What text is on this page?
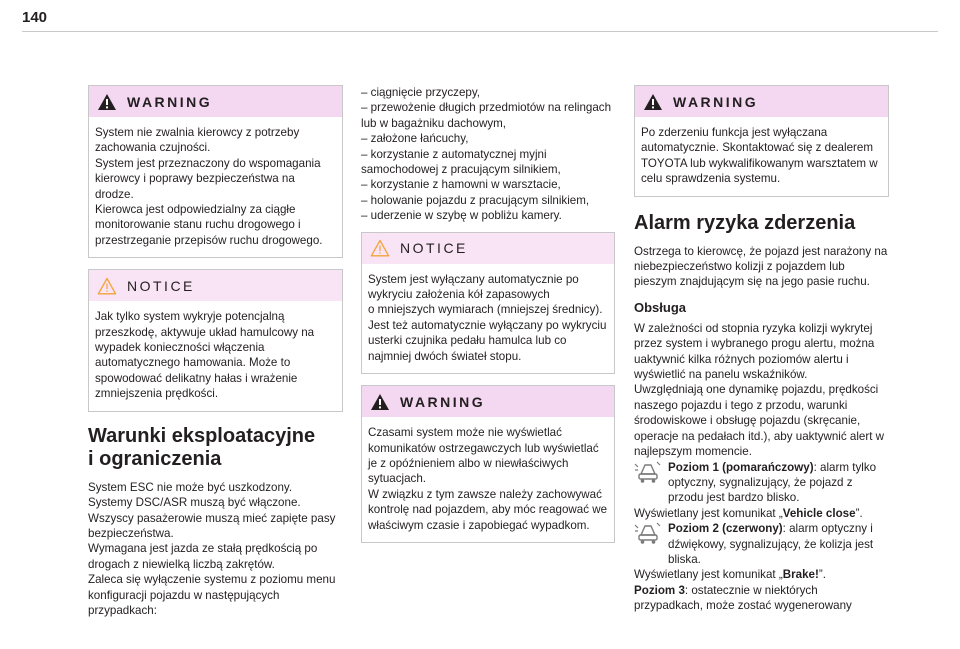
140
WARNING
System nie zwalnia kierowcy z potrzeby zachowania czujności.
System jest przeznaczony do wspomagania kierowcy i poprawy bezpieczeństwa na drodze.
Kierowca jest odpowiedzialny za ciągłe monitorowanie stanu ruchu drogowego i przestrzeganie przepisów ruchu drogowego.
NOTICE
Jak tylko system wykryje potencjalną przeszkodę, aktywuje układ hamulcowy na wypadek konieczności włączenia automatycznego hamowania. Może to spowodować delikatny hałas i wrażenie zmniejszenia prędkości.
Warunki eksploatacyjne
i ograniczenia
System ESC nie może być uszkodzony.
Systemy DSC/ASR muszą być włączone.
Wszyscy pasażerowie muszą mieć zapięte pasy bezpieczeństwa.
Wymagana jest jazda ze stałą prędkością po drogach z niewielką liczbą zakrętów.
Zaleca się wyłączenie systemu z poziomu menu konfiguracji pojazdu w następujących przypadkach:
– ciągnięcie przyczepy,
– przewożenie długich przedmiotów na relingach lub w bagażniku dachowym,
– założone łańcuchy,
– korzystanie z automatycznej myjni samochodowej z pracującym silnikiem,
– korzystanie z hamowni w warsztacie,
– holowanie pojazdu z pracującym silnikiem,
– uderzenie w szybę w pobliżu kamery.
NOTICE
System jest wyłączany automatycznie po wykryciu założenia kół zapasowych
o mniejszych wymiarach (mniejszej średnicy).
Jest też automatycznie wyłączany po wykryciu usterki czujnika pedału hamulca lub co najmniej dwóch świateł stopu.
WARNING
Czasami system może nie wyświetlać komunikatów ostrzegawczych lub wyświetlać je z opóźnieniem albo w niewłaściwych sytuacjach.
W związku z tym zawsze należy zachowywać kontrolę nad pojazdem, aby móc reagować we właściwym czasie i zapobiegać wypadkom.
WARNING
Po zderzeniu funkcja jest wyłączana automatycznie. Skontaktować się z dealerem TOYOTA lub wykwalifikowanym warsztatem w celu sprawdzenia systemu.
Alarm ryzyka zderzenia
Ostrzega to kierowcę, że pojazd jest narażony na niebezpieczeństwo kolizji z pojazdem lub pieszym znajdującym się na jego pasie ruchu.
Obsługa
W zależności od stopnia ryzyka kolizji wykrytej przez system i wybranego progu alertu, można uaktywnić kilka różnych poziomów alertu i wyświetlić na panelu wskaźników.
Uwzględniają one dynamikę pojazdu, prędkości naszego pojazdu i tego z przodu, warunki środowiskowe i obsługę pojazdu (skręcanie, operacje na pedałach itd.), aby uaktywnić alert w najlepszym momencie.
Poziom 1 (pomarańczowy): alarm tylko optyczny, sygnalizujący, że pojazd z przodu jest bardzo blisko.
Wyświetlany jest komunikat „Vehicle close”.
Poziom 2 (czerwony): alarm optyczny i dźwiękowy, sygnalizujący, że kolizja jest bliska.
Wyświetlany jest komunikat „Brake!”.
Poziom 3: ostatecznie w niektórych przypadkach, może zostać wygenerowany
